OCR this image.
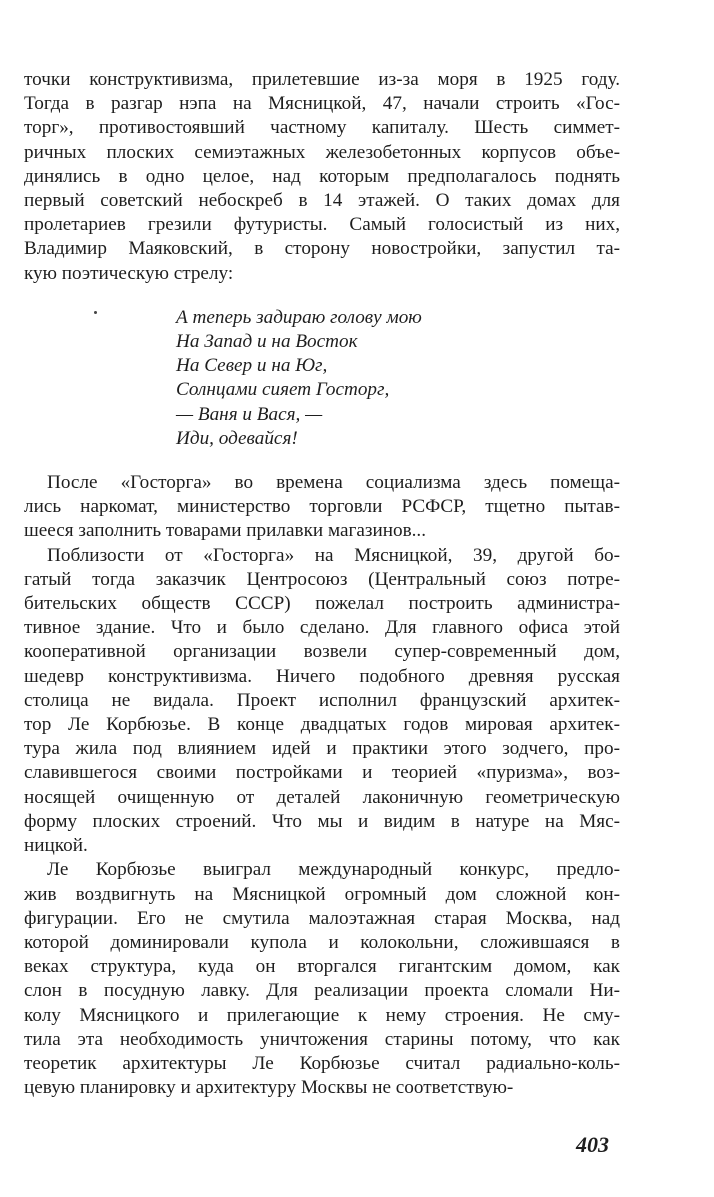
точки конструктивизма, прилетевшие из-за моря в 1925 году.
Тогда в разгар нэпа на Мясницкой, 47, начали строить «Гос-
торг», противостоявший частному капиталу. Шесть симмет-
ричных плоских семиэтажных железобетонных корпусов объе-
динялись в одно целое, над которым предполагалось поднять
первый советский небоскреб в 14 этажей. О таких домах для
пролетариев грезили футуристы. Самый голосистый из них,
Владимир Маяковский, в сторону новостройки, запустил та-
кую поэтическую стрелу:
А теперь задираю голову мою
На Запад и на Восток
На Север и на Юг,
Солнцами сияет Госторг,
— Ваня и Вася, —
Иди, одевайся!
После «Госторга» во времена социализма здесь помеща-
лись наркомат, министерство торговли РСФСР, тщетно пытав-
шееся заполнить товарами прилавки магазинов...
Поблизости от «Госторга» на Мясницкой, 39, другой бо-
гатый тогда заказчик Центросоюз (Центральный союз потре-
бительских обществ СССР) пожелал построить администра-
тивное здание. Что и было сделано. Для главного офиса этой
кооперативной организации возвели супер-современный дом,
шедевр конструктивизма. Ничего подобного древняя русская
столица не видала. Проект исполнил французский архитек-
тор Ле Корбюзье. В конце двадцатых годов мировая архитек-
тура жила под влиянием идей и практики этого зодчего, про-
славившегося своими постройками и теорией «пуризма», воз-
носящей очищенную от деталей лаконичную геометрическую
форму плоских строений. Что мы и видим в натуре на Мяс-
ницкой.
Ле Корбюзье выиграл международный конкурс, предло-
жив воздвигнуть на Мясницкой огромный дом сложной кон-
фигурации. Его не смутила малоэтажная старая Москва, над
которой доминировали купола и колокольни, сложившаяся в
веках структура, куда он вторгался гигантским домом, как
слон в посудную лавку. Для реализации проекта сломали Ни-
колу Мясницкого и прилегающие к нему строения. Не сму-
тила эта необходимость уничтожения старины потому, что как
теоретик архитектуры Ле Корбюзье считал радиально-коль-
цевую планировку и архитектуру Москвы не соответствую-
403
